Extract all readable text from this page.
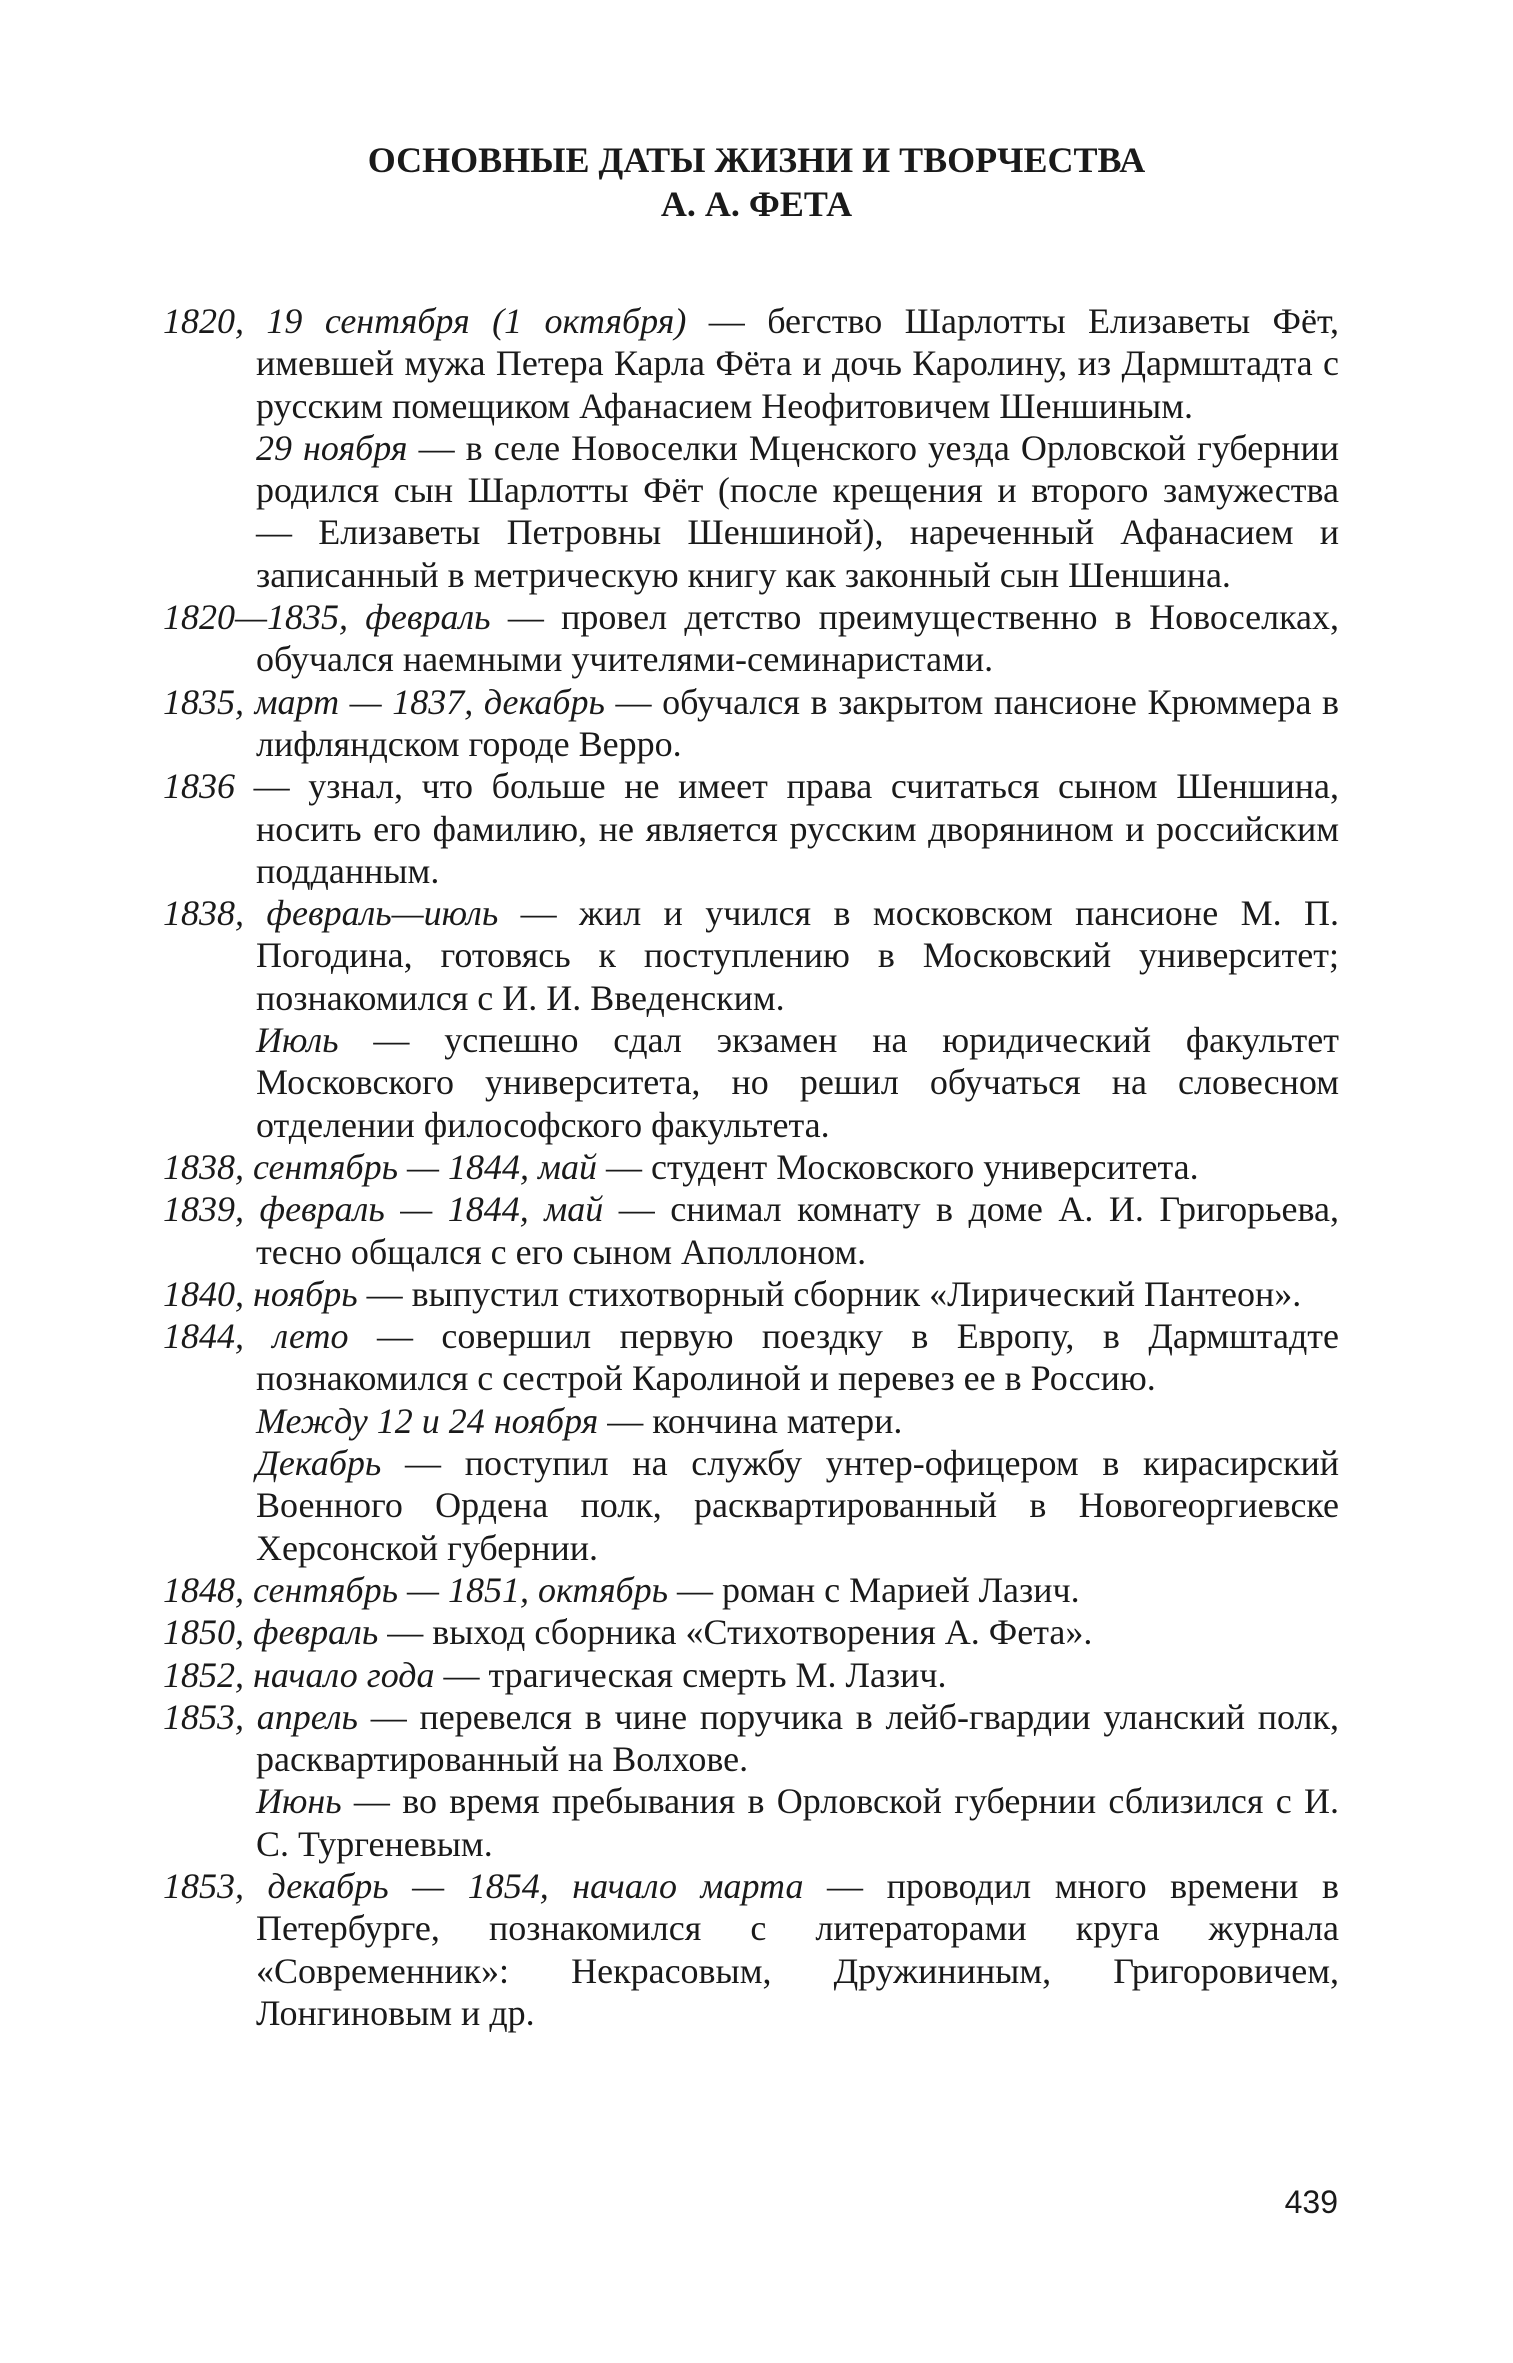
ОСНОВНЫЕ ДАТЫ ЖИЗНИ И ТВОРЧЕСТВА
А. А. ФЕТА

1820, 19 сентября (1 октября) — бегство Шарлотты Елизаветы Фёт, имевшей мужа Петера Карла Фёта и дочь Каролину, из Дармштадта с русским помещиком Афанасием Неофитовичем Шеншиным.

29 ноября — в селе Новоселки Мценского уезда Орловской губернии родился сын Шарлотты Фёт (после крещения и второго замужества — Елизаветы Петровны Шеншиной), нареченный Афанасием и записанный в метрическую книгу как законный сын Шеншина.

1820—1835, февраль — провел детство преимущественно в Новоселках, обучался наемными учителями-семинаристами.

1835, март — 1837, декабрь — обучался в закрытом пансионе Крюммера в лифляндском городе Верро.

1836 — узнал, что больше не имеет права считаться сыном Шеншина, носить его фамилию, не является русским дворянином и российским подданным.

1838, февраль—июль — жил и учился в московском пансионе М. П. Погодина, готовясь к поступлению в Московский университет; познакомился с И. И. Введенским.

Июль — успешно сдал экзамен на юридический факультет Московского университета, но решил обучаться на словесном отделении философского факультета.

1838, сентябрь — 1844, май — студент Московского университета.

1839, февраль — 1844, май — снимал комнату в доме А. И. Григорьева, тесно общался с его сыном Аполлоном.

1840, ноябрь — выпустил стихотворный сборник «Лирический Пантеон».

1844, лето — совершил первую поездку в Европу, в Дармштадте познакомился с сестрой Каролиной и перевез ее в Россию.

Между 12 и 24 ноября — кончина матери.

Декабрь — поступил на службу унтер-офицером в кирасирский Военного Ордена полк, расквартированный в Новогеоргиевске Херсонской губернии.

1848, сентябрь — 1851, октябрь — роман с Марией Лазич.

1850, февраль — выход сборника «Стихотворения А. Фета».

1852, начало года — трагическая смерть М. Лазич.

1853, апрель — перевелся в чине поручика в лейб-гвардии уланский полк, расквартированный на Волхове.

Июнь — во время пребывания в Орловской губернии сблизился с И. С. Тургеневым.

1853, декабрь — 1854, начало марта — проводил много времени в Петербурге, познакомился с литераторами круга журнала «Современник»: Некрасовым, Дружининым, Григоровичем, Лонгиновым и др.

439
